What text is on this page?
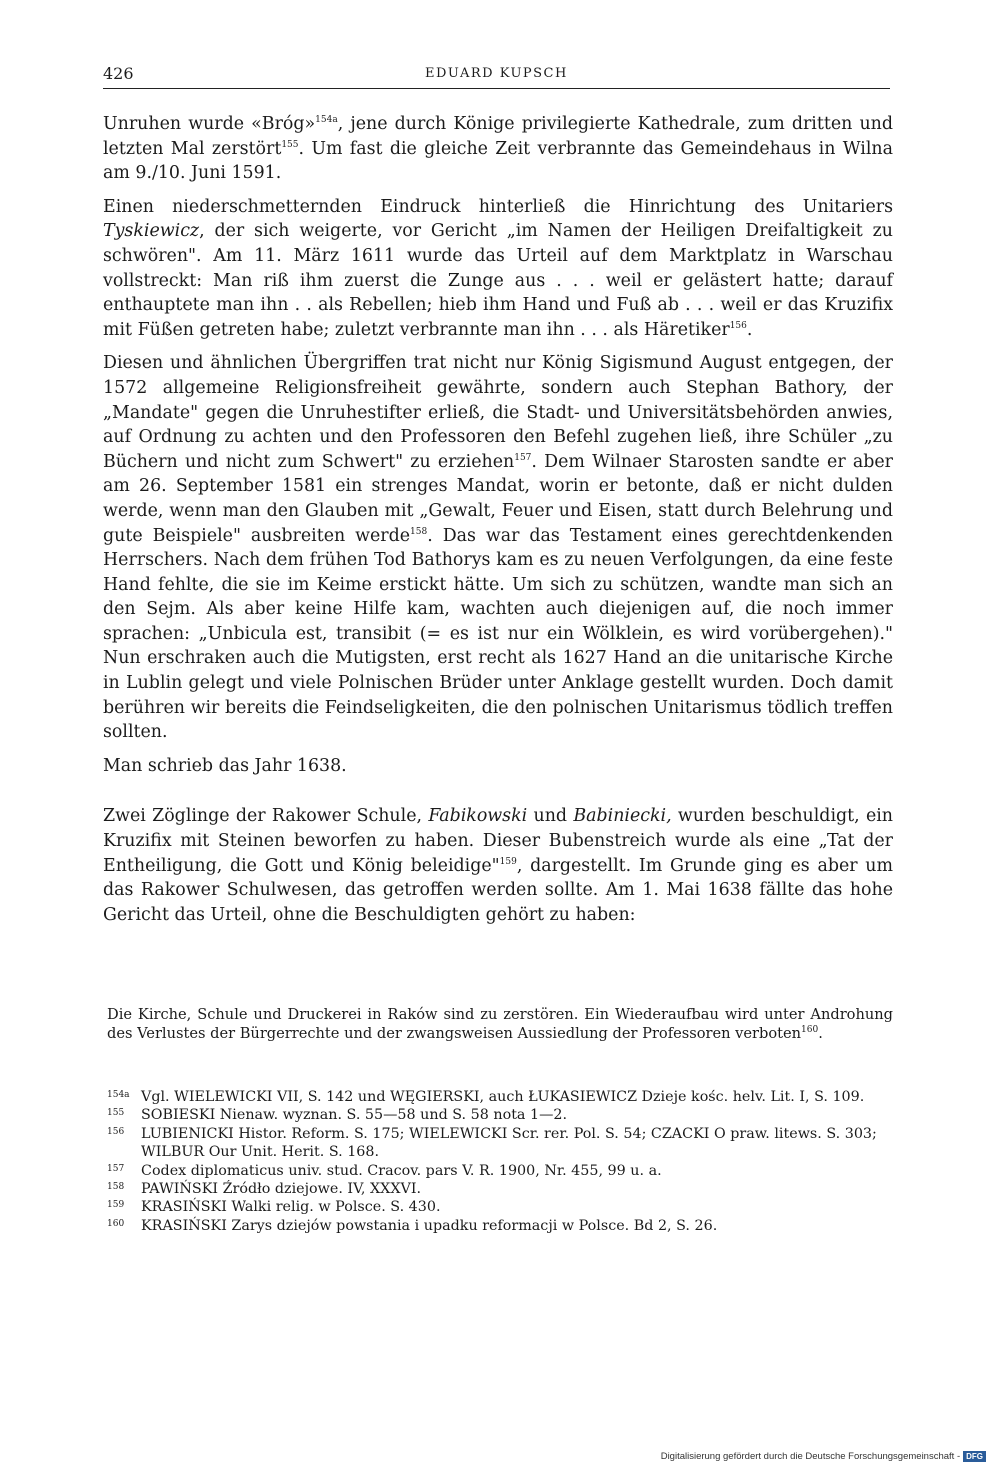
426	EDUARD KUPSCH

Unruhen wurde «Bróg»$^{154a}$, jene durch Könige privilegierte Kathedrale, zum dritten und letzten Mal zerstört$^{155}$. Um fast die gleiche Zeit verbrannte das Gemeindehaus in Wilna am 9./10. Juni 1591.

Einen niederschmetternden Eindruck hinterließ die Hinrichtung des Unitariers Tyskiewicz, der sich weigerte, vor Gericht „im Namen der Heiligen Dreifaltigkeit zu schwören". Am 11. März 1611 wurde das Urteil auf dem Marktplatz in Warschau vollstreckt: Man riß ihm zuerst die Zunge aus . . . weil er gelästert hatte; darauf enthauptete man ihn . . als Rebellen; hieb ihm Hand und Fuß ab . . . weil er das Kruzifix mit Füßen getreten habe; zuletzt verbrannte man ihn . . . als Häretiker$^{156}$.

Diesen und ähnlichen Übergriffen trat nicht nur König Sigismund August entgegen, der 1572 allgemeine Religionsfreiheit gewährte, sondern auch Stephan Bathory, der „Mandate" gegen die Unruhestifter erließ, die Stadt- und Universitätsbehörden anwies, auf Ordnung zu achten und den Professoren den Befehl zugehen ließ, ihre Schüler „zu Büchern und nicht zum Schwert" zu erziehen$^{157}$. Dem Wilnaer Starosten sandte er aber am 26. September 1581 ein strenges Mandat, worin er betonte, daß er nicht dulden werde, wenn man den Glauben mit „Gewalt, Feuer und Eisen, statt durch Belehrung und gute Beispiele" ausbreiten werde$^{158}$. Das war das Testament eines gerechtdenkenden Herrschers. Nach dem frühen Tod Bathorys kam es zu neuen Verfolgungen, da eine feste Hand fehlte, die sie im Keime erstickt hätte. Um sich zu schützen, wandte man sich an den Sejm. Als aber keine Hilfe kam, wachten auch diejenigen auf, die noch immer sprachen: „Unbicula est, transibit (= es ist nur ein Wölklein, es wird vorübergehen)." Nun erschraken auch die Mutigsten, erst recht als 1627 Hand an die unitarische Kirche in Lublin gelegt und viele Polnischen Brüder unter Anklage gestellt wurden. Doch damit berühren wir bereits die Feindseligkeiten, die den polnischen Unitarismus tödlich treffen sollten.

Man schrieb das Jahr 1638.

Zwei Zöglinge der Rakower Schule, Fabikowski und Babiniecki, wurden beschuldigt, ein Kruzifix mit Steinen beworfen zu haben. Dieser Bubenstreich wurde als eine „Tat der Entheiligung, die Gott und König beleidige"$^{159}$, dargestellt. Im Grunde ging es aber um das Rakower Schulwesen, das getroffen werden sollte. Am 1. Mai 1638 fällte das hohe Gericht das Urteil, ohne die Beschuldigten gehört zu haben:

Die Kirche, Schule und Druckerei in Raków sind zu zerstören. Ein Wiederaufbau wird unter Androhung des Verlustes der Bürgerrechte und der zwangsweisen Aussiedlung der Professoren verboten$^{160}$.

154a Vgl. WIELEWICKI VII, S. 142 und WĘGIERSKI, auch ŁUKASIEWICZ Dzieje kośc. helv. Lit. I, S. 109.

155 SOBIESKI Nienaw. wyznan. S. 55—58 und S. 58 nota 1—2.

156 LUBIENICKI Histor. Reform. S. 175; WIELEWICKI Scr. rer. Pol. S. 54; CZACKI O praw. litews. S. 303; WILBUR Our Unit. Herit. S. 168.

157 Codex diplomaticus univ. stud. Cracov. pars V. R. 1900, Nr. 455, 99 u. a.

158 PAWIŃSKI Źródło dziejowe. IV, XXXVI.

159 KRASIŃSKI Walki relig. w Polsce. S. 430.

160 KRASIŃSKI Zarys dziejów powstania i upadku reformacji w Polsce. Bd 2, S. 26.

Digitalisierung gefördert durch die Deutsche Forschungsgemeinschaft - DFG
